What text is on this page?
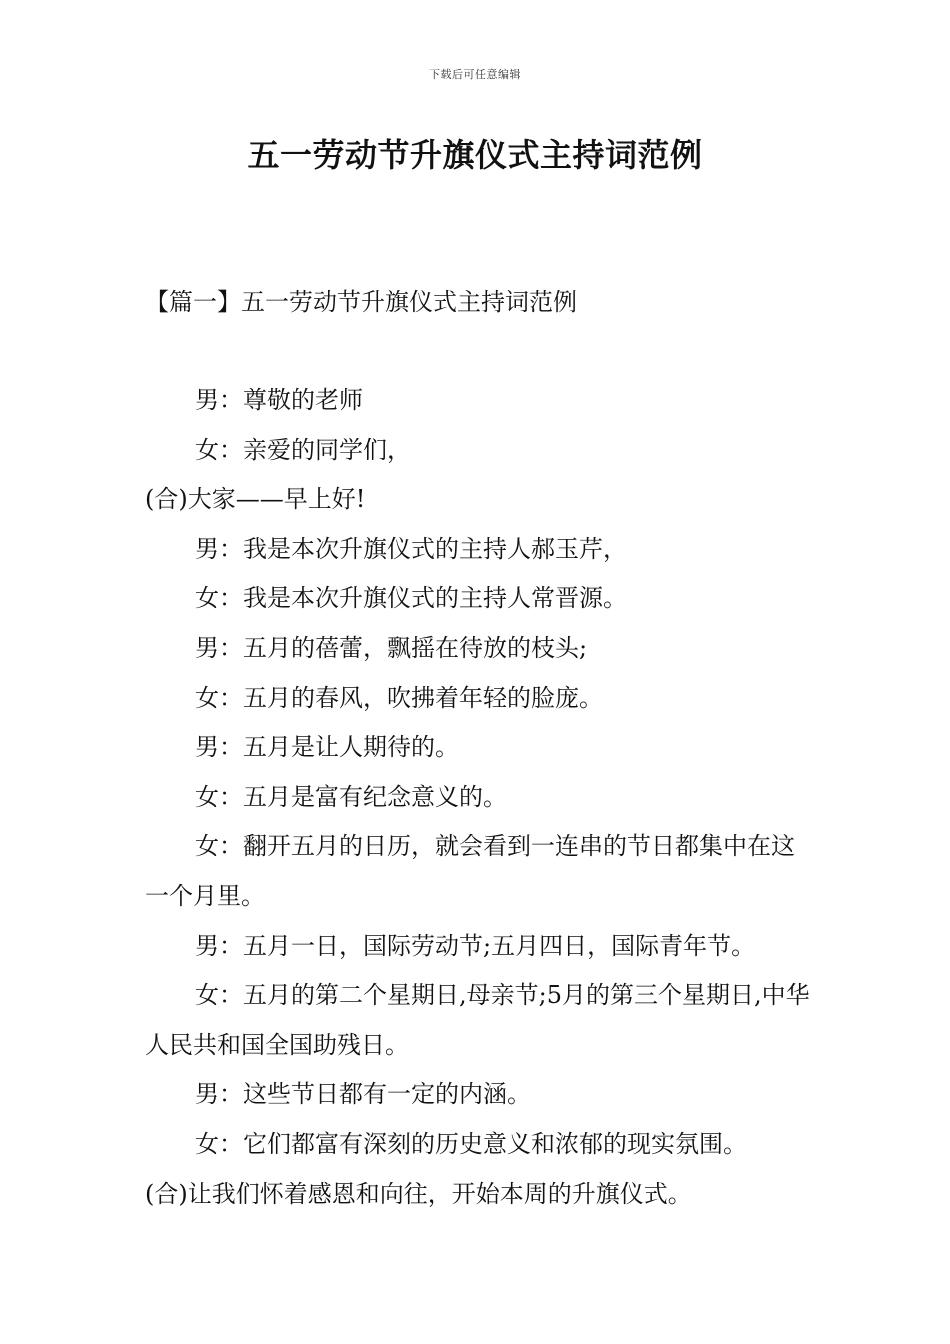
下载后可任意编辑
五一劳动节升旗仪式主持词范例
【篇一】五一劳动节升旗仪式主持词范例

男：尊敬的老师

女：亲爱的同学们，

(合)大家——早上好!

男：我是本次升旗仪式的主持人郝玉芹，

女：我是本次升旗仪式的主持人常晋源。

男：五月的蓓蕾，飘摇在待放的枝头;

女：五月的春风，吹拂着年轻的脸庞。

男：五月是让人期待的。

女：五月是富有纪念意义的。

女：翻开五月的日历，就会看到一连串的节日都集中在这一个月里。

男：五月一日，国际劳动节;五月四日，国际青年节。

女：五月的第二个星期日,母亲节;5月的第三个星期日,中华人民共和国全国助残日。

男：这些节日都有一定的内涵。

女：它们都富有深刻的历史意义和浓郁的现实氛围。

(合)让我们怀着感恩和向往，开始本周的升旗仪式。
